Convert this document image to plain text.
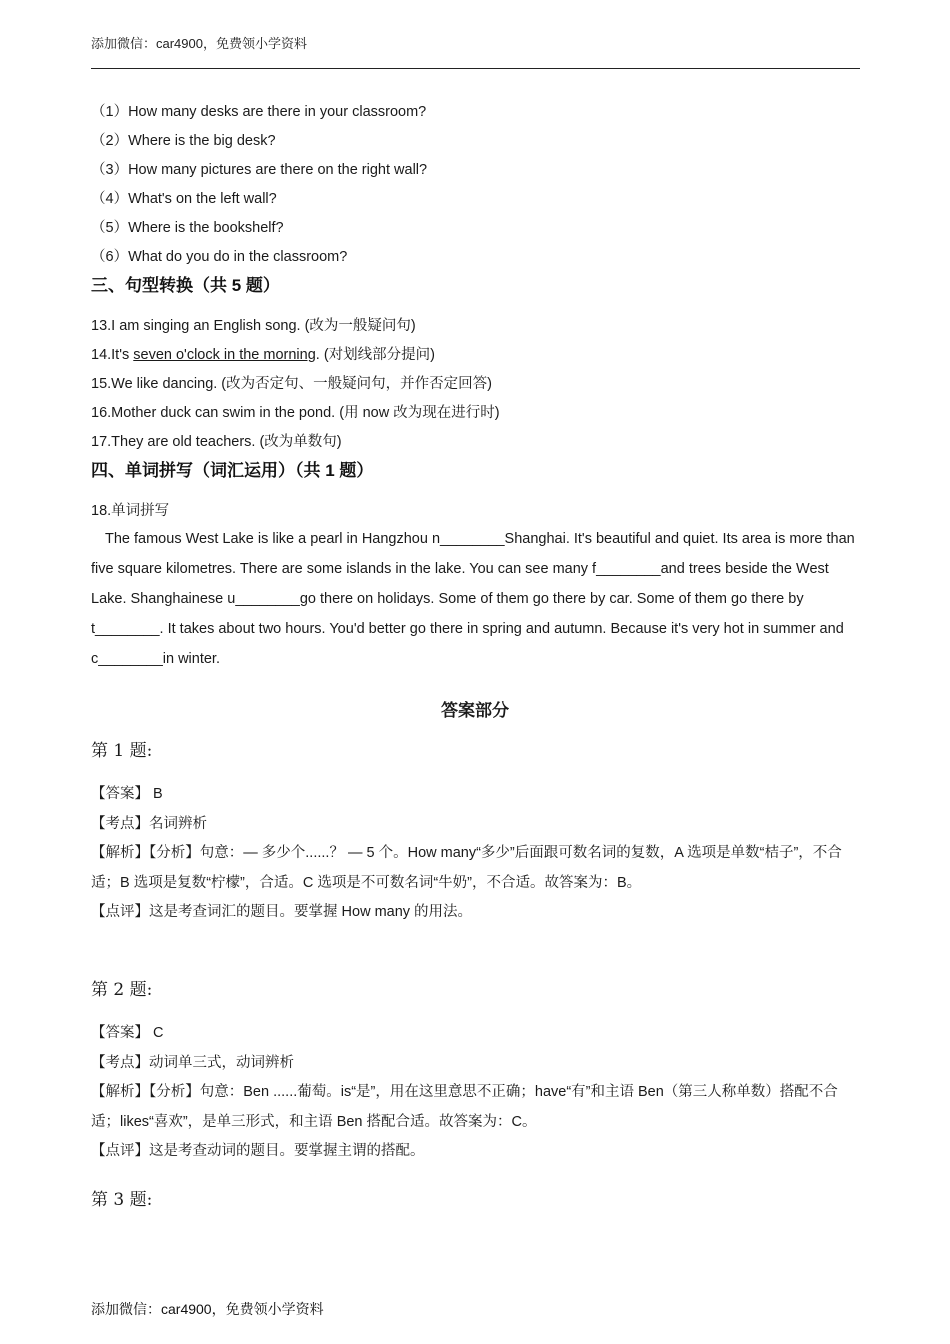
添加微信：car4900，免费领小学资料
（1）How many desks are there in your classroom?
（2）Where is the big desk?
（3）How many pictures are there on the right wall?
（4）What's on the left wall?
（5）Where is the bookshelf?
（6）What do you do in the classroom?
三、句型转换（共 5 题）
13.I am singing an English song. (改为一般疑问句)
14.It's seven o'clock in the morning. (对划线部分提问)
15.We like dancing. (改为否定句、一般疑问句，并作否定回答)
16.Mother duck can swim in the pond. (用 now 改为现在进行时)
17.They are old teachers. (改为单数句)
四、单词拼写（词汇运用）（共 1 题）
18.单词拼写
The famous West Lake is like a pearl in Hangzhou n________Shanghai. It's beautiful and quiet. Its area is more than five square kilometres. There are some islands in the lake. You can see many f________and trees beside the West Lake. Shanghainese u________go there on holidays. Some of them go there by car. Some of them go there by t________. It takes about two hours. You'd better go there in spring and autumn. Because it's very hot in summer and c________in winter.
答案部分
第 1 题:
【答案】 B
【考点】名词辨析
【解析】【分析】句意：— 多少个......？ — 5 个。How many“多少”后面跟可数名词的复数，A 选项是单数“桔子”，不合适；B 选项是复数“柠檬”，合适。C 选项是不可数名词“牛奶”，不合适。故答案为：B。
【点评】这是考查词汇的题目。要掌握 How many 的用法。
第 2 题:
【答案】 C
【考点】动词单三式，动词辨析
【解析】【分析】句意：Ben ......葡萄。is“是”，用在这里意思不正确；have“有”和主语 Ben（第三人称单数）搭配不合适；likes“喜欢”，是单三形式，和主语 Ben 搭配合适。故答案为：C。
【点评】这是考查动词的题目。要掌握主谓的搭配。
第 3 题:
添加微信：car4900，免费领小学资料
